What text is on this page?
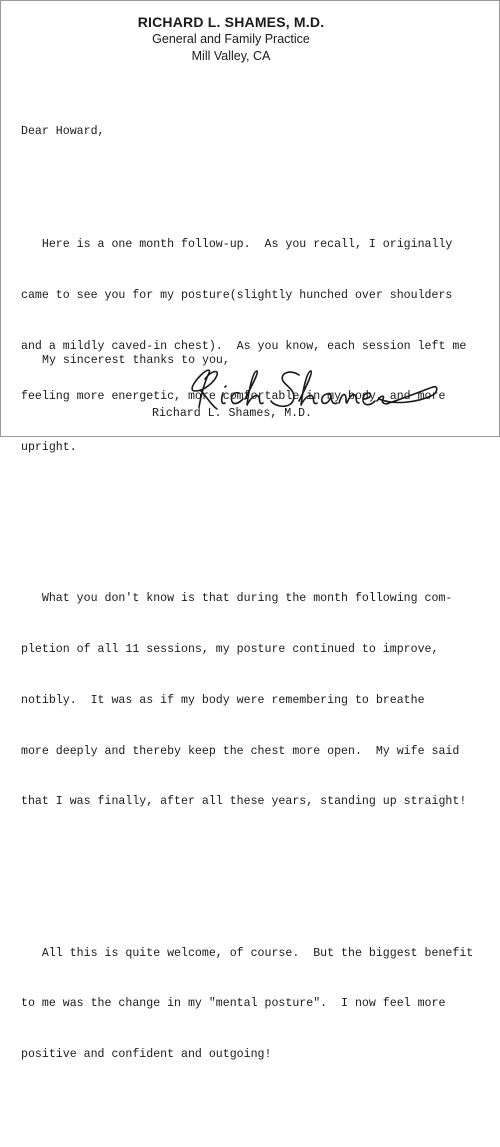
RICHARD L. SHAMES, M.D.
General and Family Practice
Mill Valley, CA

Dear Howard,

Here is a one month follow-up.  As you recall, I originally

came to see you for my posture(slightly hunched over shoulders

and a mildly caved-in chest).  As you know, each session left me

feeling more energetic, more comfortable in my body, and more

upright.

What you don't know is that during the month following com-

pletion of all 11 sessions, my posture continued to improve,

notibly.  It was as if my body were remembering to breathe

more deeply and thereby keep the chest more open.  My wife said

that I was finally, after all these years, standing up straight!

All this is quite welcome, of course.  But the biggest benefit

to me was the change in my "mental posture".  I now feel more

positive and confident and outgoing!

My sincerest thanks to you,
Richard L. Shames, M.D.
